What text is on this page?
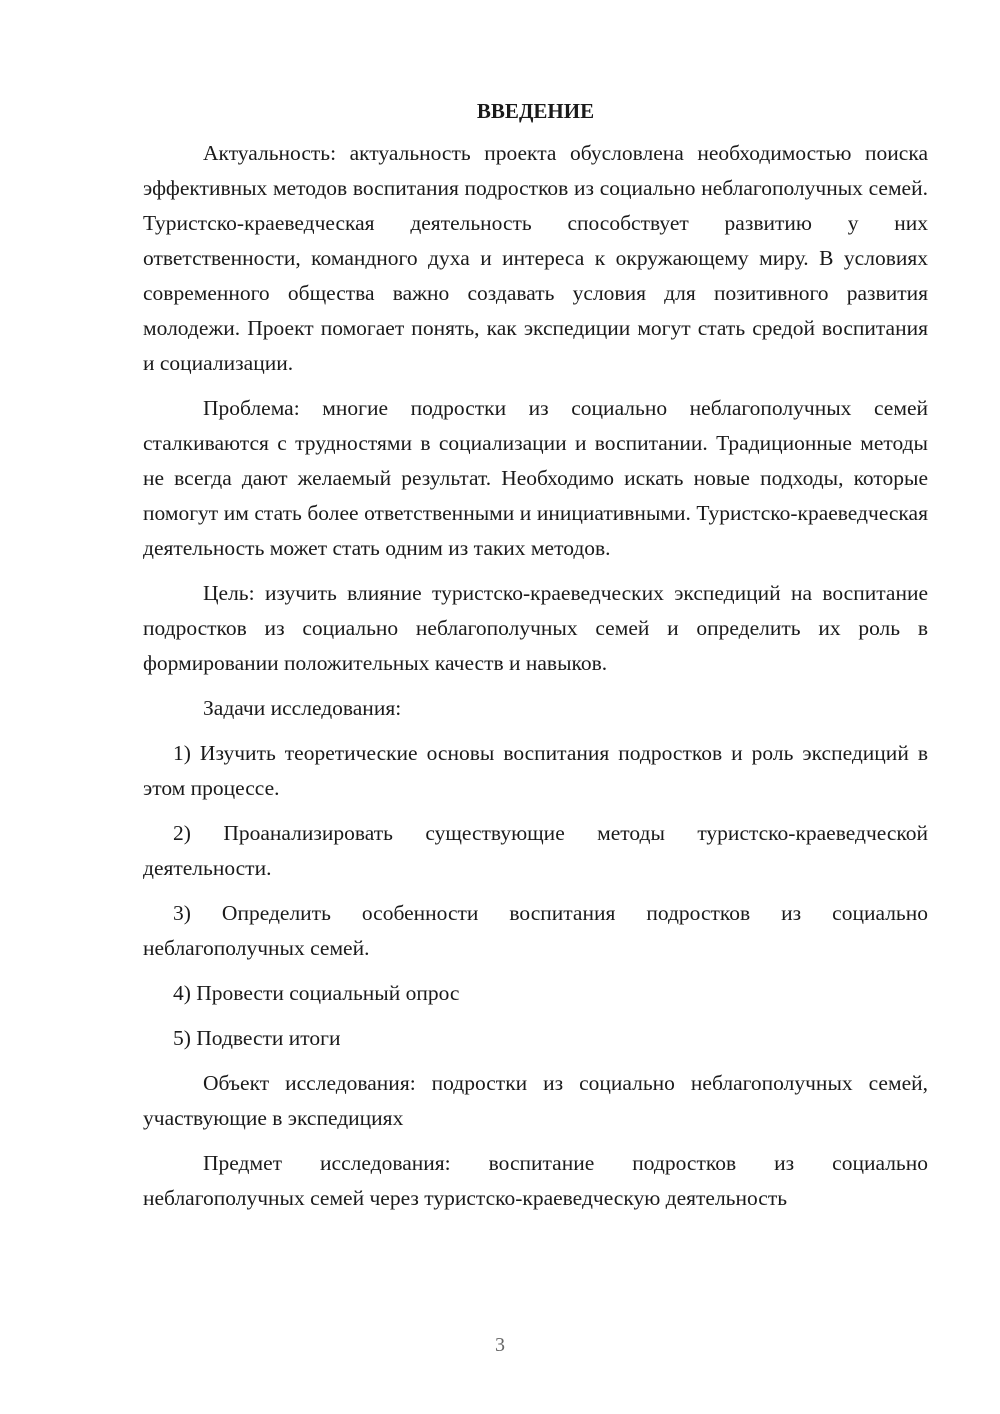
ВВЕДЕНИЕ

Актуальность: актуальность проекта обусловлена необходимостью поиска эффективных методов воспитания подростков из социально неблагополучных семей. Туристско-краеведческая деятельность способствует развитию у них ответственности, командного духа и интереса к окружающему миру. В условиях современного общества важно создавать условия для позитивного развития молодежи. Проект помогает понять, как экспедиции могут стать средой воспитания и социализации.

Проблема: многие подростки из социально неблагополучных семей сталкиваются с трудностями в социализации и воспитании. Традиционные методы не всегда дают желаемый результат. Необходимо искать новые подходы, которые помогут им стать более ответственными и инициативными. Туристско-краеведческая деятельность может стать одним из таких методов.

Цель: изучить влияние туристско-краеведческих экспедиций на воспитание подростков из социально неблагополучных семей и определить их роль в формировании положительных качеств и навыков.

Задачи исследования:

1) Изучить теоретические основы воспитания подростков и роль экспедиций в этом процессе.

2) Проанализировать существующие методы туристско-краеведческой деятельности.

3) Определить особенности воспитания подростков из социально неблагополучных семей.

4) Провести социальный опрос

5) Подвести итоги

Объект исследования: подростки из социально неблагополучных семей, участвующие в экспедициях

Предмет исследования: воспитание подростков из социально неблагополучных семей через туристско-краеведческую деятельность

3
